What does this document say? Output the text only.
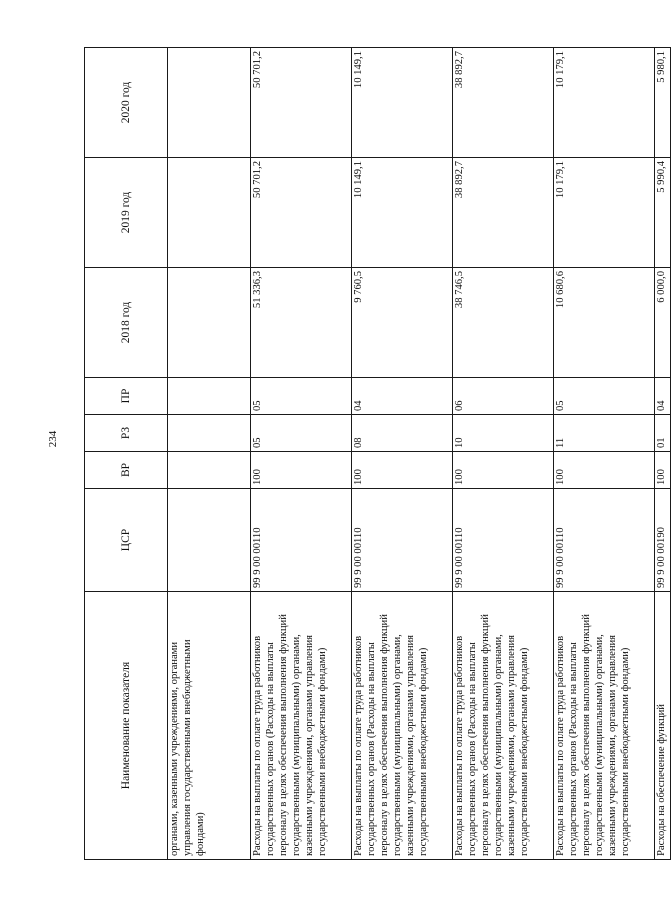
234
Наименование показателя	ЦСР	ВР	РЗ	ПР	2018 год	2019 год	2020 год
органами, казенными учреждениями, органами управления государственными внебюджетными фондами)							
Расходы на выплаты по оплате труда работников государственных органов (Расходы на выплаты персоналу в целях обеспечения выполнения функций государственными (муниципальными) органами, казенными учреждениями, органами управления государственными внебюджетными фондами)	99 9 00 00110	100	05	05	51 336,3	50 701,2	50 701,2
Расходы на выплаты по оплате труда работников государственных органов (Расходы на выплаты персоналу в целях обеспечения выполнения функций государственными (муниципальными) органами, казенными учреждениями, органами управления государственными внебюджетными фондами)	99 9 00 00110	100	08	04	9 760,5	10 149,1	10 149,1
Расходы на выплаты по оплате труда работников государственных органов (Расходы на выплаты персоналу в целях обеспечения выполнения функций государственными (муниципальными) органами, казенными учреждениями, органами управления государственными внебюджетными фондами)	99 9 00 00110	100	10	06	38 746,5	38 892,7	38 892,7
Расходы на выплаты по оплате труда работников государственных органов (Расходы на выплаты персоналу в целях обеспечения выполнения функций государственными (муниципальными) органами, казенными учреждениями, органами управления государственными внебюджетными фондами)	99 9 00 00110	100	11	05	10 680,6	10 179,1	10 179,1
Расходы на обеспечение функций	99 9 00 00190	100	01	04	6 000,0	5 990,4	5 980,1
